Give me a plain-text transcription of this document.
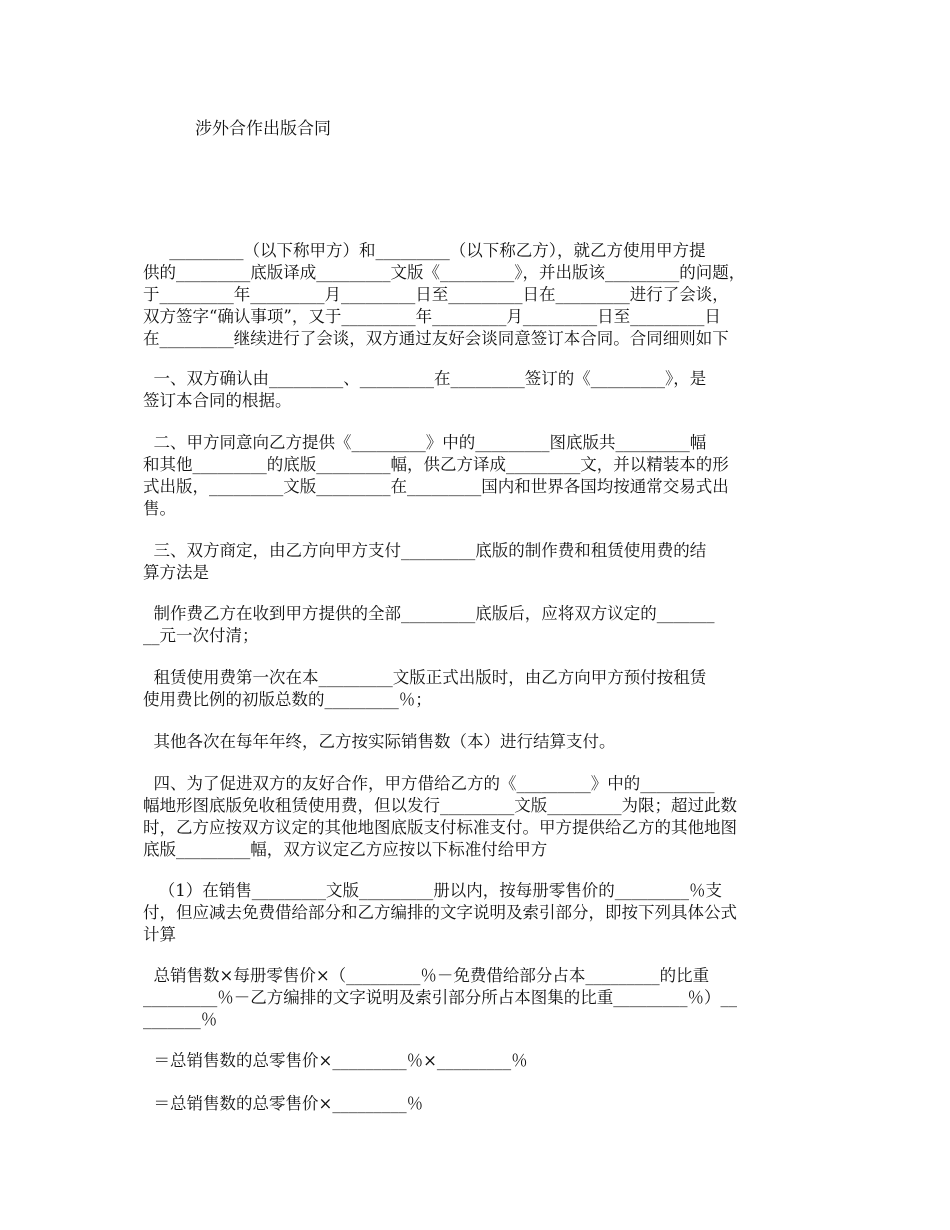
涉外合作出版合同
_________（以下称甲方）和_________（以下称乙方），就乙方使用甲方提
供的_________底版译成_________文版《_________》，并出版该_________的问题，
于_________年_________月_________日至_________日在_________进行了会谈，
双方签字“确认事项”，又于_________年_________月_________日至_________日
在_________继续进行了会谈，双方通过友好会谈同意签订本合同。合同细则如下
一、双方确认由_________、_________在_________签订的《_________》，是
签订本合同的根据。
二、甲方同意向乙方提供《_________》中的_________图底版共_________幅
和其他_________的底版_________幅，供乙方译成_________文，并以精装本的形
式出版，_________文版_________在_________国内和世界各国均按通常交易式出
售。
三、双方商定，由乙方向甲方支付_________底版的制作费和租赁使用费的结
算方法是
制作费乙方在收到甲方提供的全部_________底版后，应将双方议定的_______
__元一次付清；
租赁使用费第一次在本_________文版正式出版时，由乙方向甲方预付按租赁
使用费比例的初版总数的_________％；
其他各次在每年年终，乙方按实际销售数（本）进行结算支付。
四、为了促进双方的友好合作，甲方借给乙方的《_________》中的_________
幅地形图底版免收租赁使用费，但以发行_________文版_________为限；超过此数
时，乙方应按双方议定的其他地图底版支付标准支付。甲方提供给乙方的其他地图
底版_________幅，双方议定乙方应按以下标准付给甲方
（1）在销售_________文版_________册以内，按每册零售价的_________％支
付，但应减去免费借给部分和乙方编排的文字说明及索引部分，即按下列具体公式
计算
总销售数×每册零售价×（_________％－免费借给部分占本_________的比重
_________％－乙方编排的文字说明及索引部分所占本图集的比重_________％）__
_______％
＝总销售数的总零售价×_________％×_________％
＝总销售数的总零售价×_________％
